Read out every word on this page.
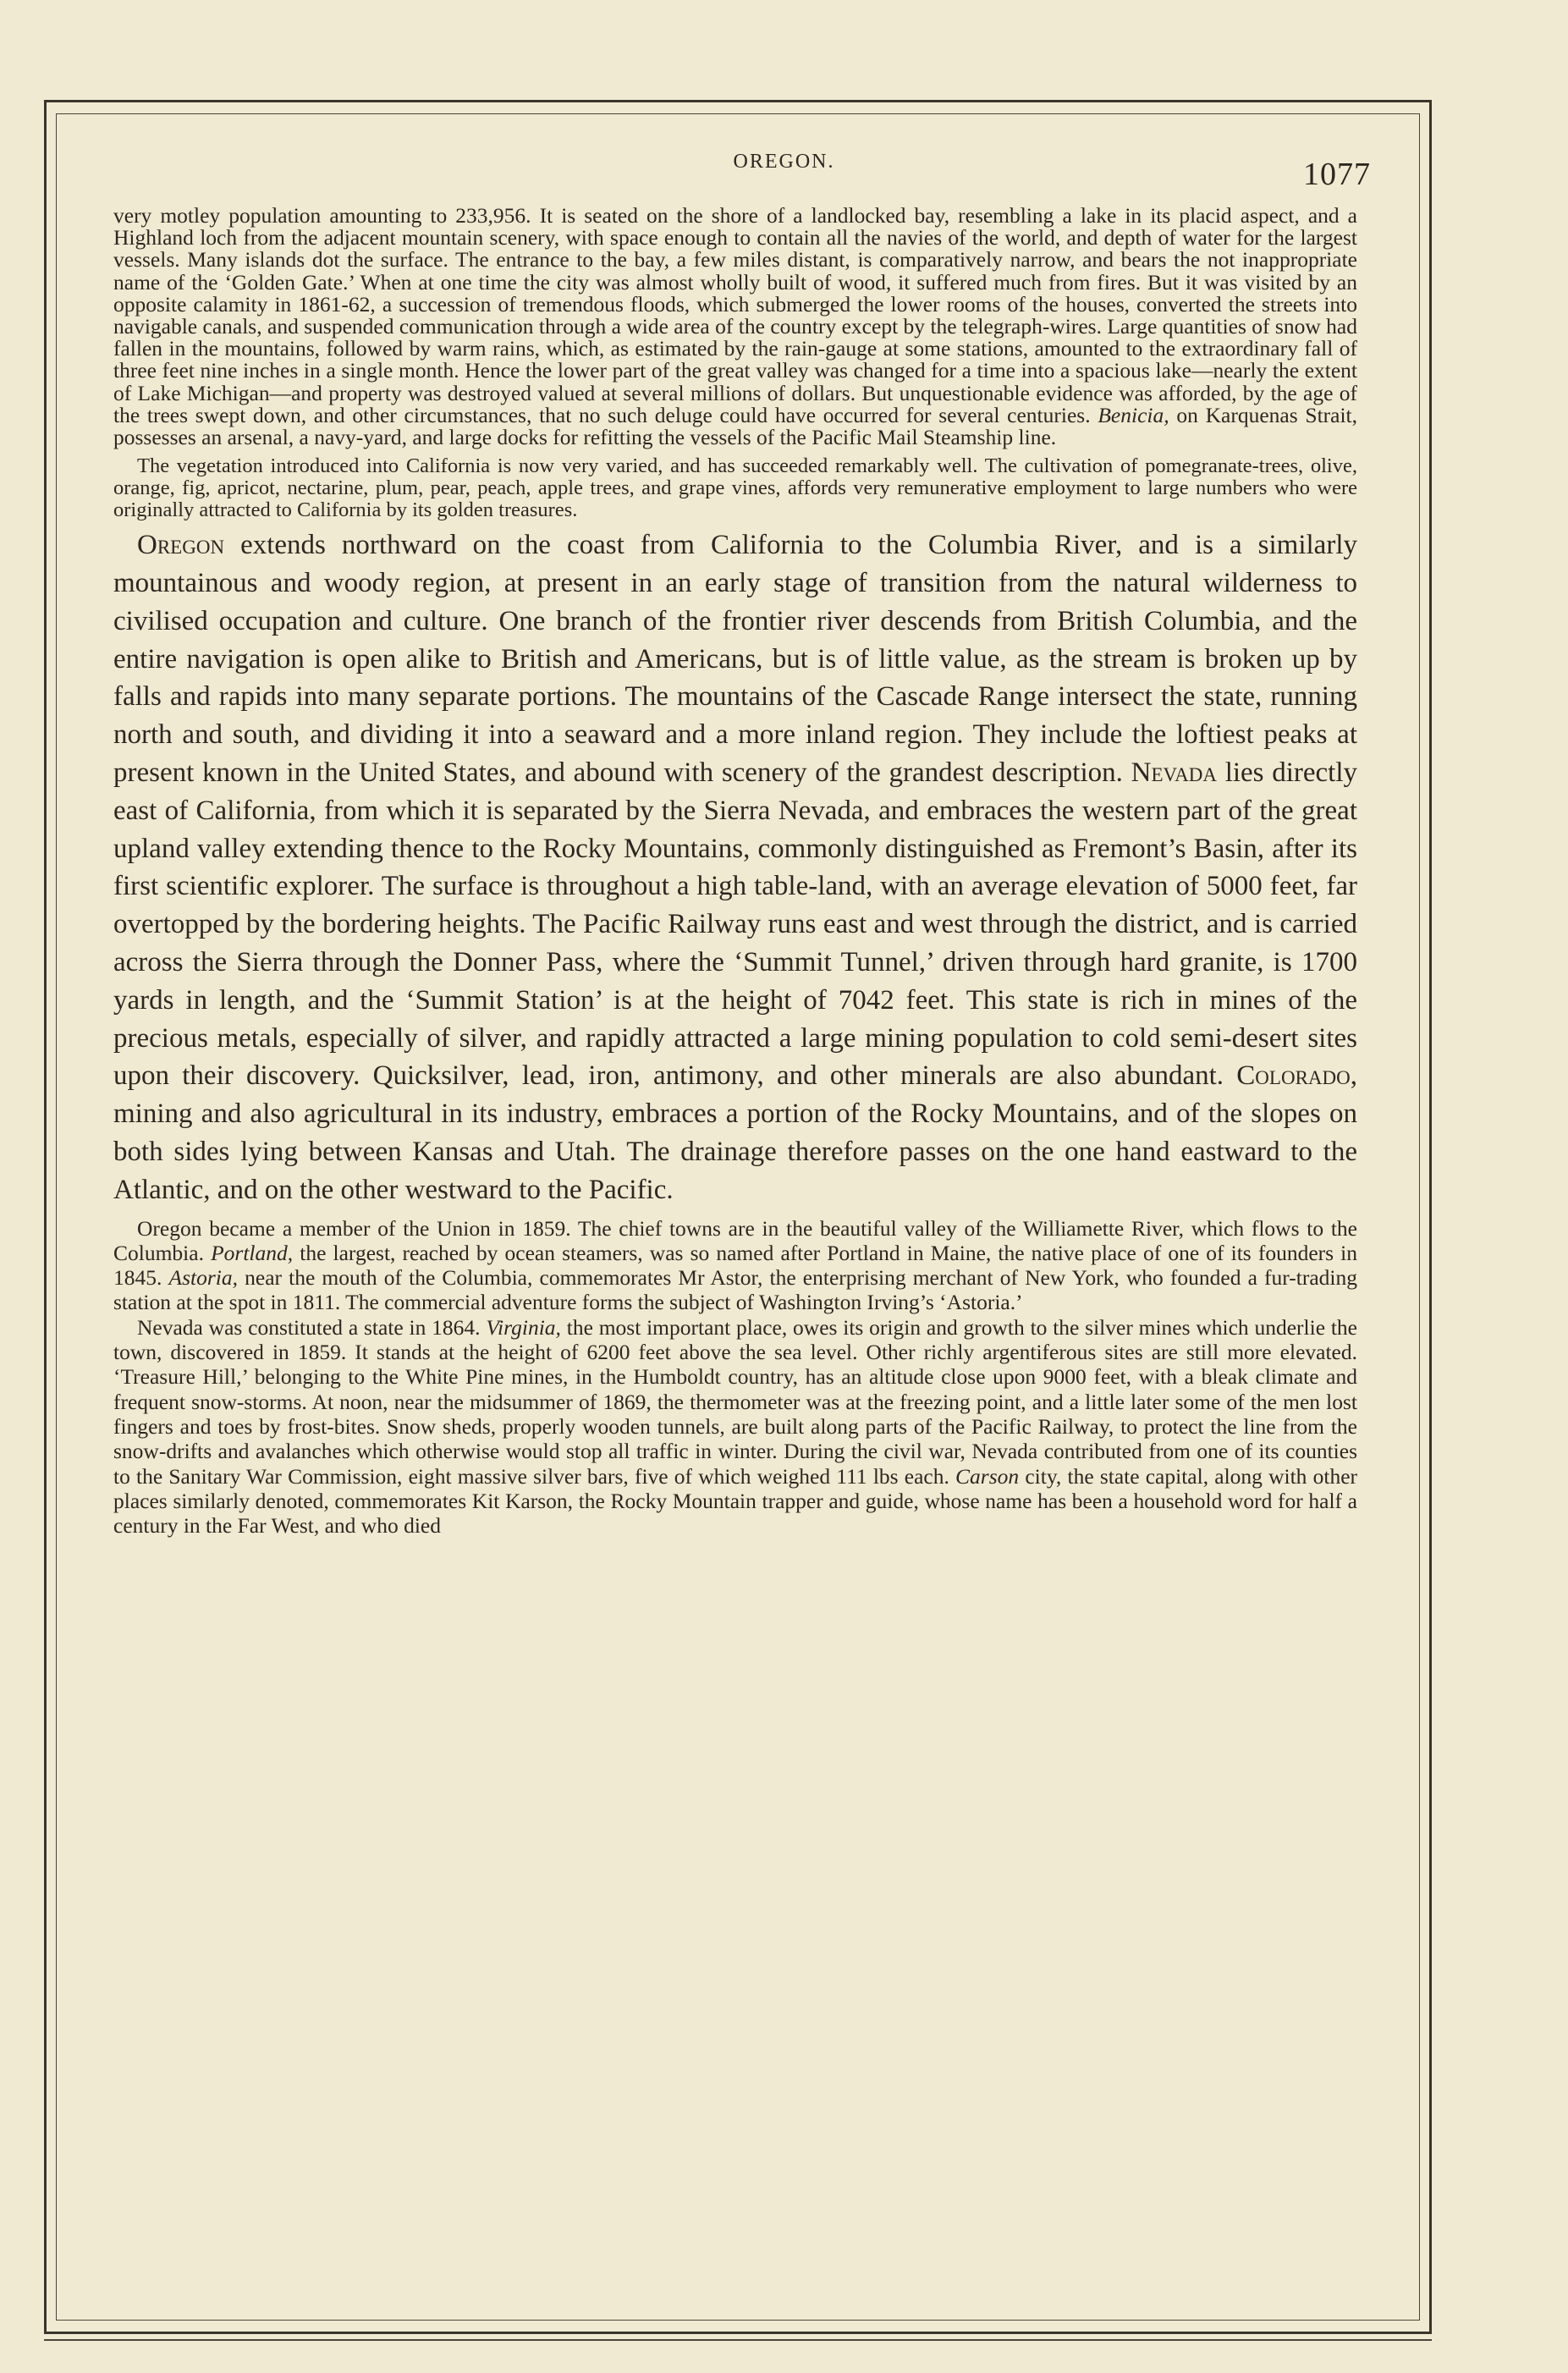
OREGON.	1077

very motley population amounting to 233,956. It is seated on the shore of a landlocked bay, resembling a lake in its placid aspect, and a Highland loch from the adjacent mountain scenery, with space enough to contain all the navies of the world, and depth of water for the largest vessels. Many islands dot the surface. The entrance to the bay, a few miles distant, is comparatively narrow, and bears the not inappropriate name of the ‘Golden Gate.’ When at one time the city was almost wholly built of wood, it suffered much from fires. But it was visited by an opposite calamity in 1861-62, a succession of tremendous floods, which submerged the lower rooms of the houses, converted the streets into navigable canals, and suspended communication through a wide area of the country except by the telegraph-wires. Large quantities of snow had fallen in the mountains, followed by warm rains, which, as estimated by the rain-gauge at some stations, amounted to the extraordinary fall of three feet nine inches in a single month. Hence the lower part of the great valley was changed for a time into a spacious lake—nearly the extent of Lake Michigan—and property was destroyed valued at several millions of dollars. But unquestionable evidence was afforded, by the age of the trees swept down, and other circumstances, that no such deluge could have occurred for several centuries. Benicia, on Karquenas Strait, possesses an arsenal, a navy-yard, and large docks for refitting the vessels of the Pacific Mail Steamship line.

The vegetation introduced into California is now very varied, and has succeeded remarkably well. The cultivation of pomegranate-trees, olive, orange, fig, apricot, nectarine, plum, pear, peach, apple trees, and grape vines, affords very remunerative employment to large numbers who were originally attracted to California by its golden treasures.

Oregon extends northward on the coast from California to the Columbia River, and is a similarly mountainous and woody region, at present in an early stage of transition from the natural wilderness to civilised occupation and culture. One branch of the frontier river descends from British Columbia, and the entire navigation is open alike to British and Americans, but is of little value, as the stream is broken up by falls and rapids into many separate portions. The mountains of the Cascade Range intersect the state, running north and south, and dividing it into a seaward and a more inland region. They include the loftiest peaks at present known in the United States, and abound with scenery of the grandest description. Nevada lies directly east of California, from which it is separated by the Sierra Nevada, and embraces the western part of the great upland valley extending thence to the Rocky Mountains, commonly distinguished as Fremont’s Basin, after its first scientific explorer. The surface is throughout a high table-land, with an average elevation of 5000 feet, far overtopped by the bordering heights. The Pacific Railway runs east and west through the district, and is carried across the Sierra through the Donner Pass, where the ‘Summit Tunnel,’ driven through hard granite, is 1700 yards in length, and the ‘Summit Station’ is at the height of 7042 feet. This state is rich in mines of the precious metals, especially of silver, and rapidly attracted a large mining population to cold semi-desert sites upon their discovery. Quicksilver, lead, iron, antimony, and other minerals are also abundant. Colorado, mining and also agricultural in its industry, embraces a portion of the Rocky Mountains, and of the slopes on both sides lying between Kansas and Utah. The drainage therefore passes on the one hand eastward to the Atlantic, and on the other westward to the Pacific.

Oregon became a member of the Union in 1859. The chief towns are in the beautiful valley of the Williamette River, which flows to the Columbia. Portland, the largest, reached by ocean steamers, was so named after Portland in Maine, the native place of one of its founders in 1845. Astoria, near the mouth of the Columbia, commemorates Mr Astor, the enterprising merchant of New York, who founded a fur-trading station at the spot in 1811. The commercial adventure forms the subject of Washington Irving’s ‘Astoria.’

Nevada was constituted a state in 1864. Virginia, the most important place, owes its origin and growth to the silver mines which underlie the town, discovered in 1859. It stands at the height of 6200 feet above the sea level. Other richly argentiferous sites are still more elevated. ‘Treasure Hill,’ belonging to the White Pine mines, in the Humboldt country, has an altitude close upon 9000 feet, with a bleak climate and frequent snow-storms. At noon, near the midsummer of 1869, the thermometer was at the freezing point, and a little later some of the men lost fingers and toes by frost-bites. Snow sheds, properly wooden tunnels, are built along parts of the Pacific Railway, to protect the line from the snow-drifts and avalanches which otherwise would stop all traffic in winter. During the civil war, Nevada contributed from one of its counties to the Sanitary War Commission, eight massive silver bars, five of which weighed 111 lbs each. Carson city, the state capital, along with other places similarly denoted, commemorates Kit Karson, the Rocky Mountain trapper and guide, whose name has been a household word for half a century in the Far West, and who died
